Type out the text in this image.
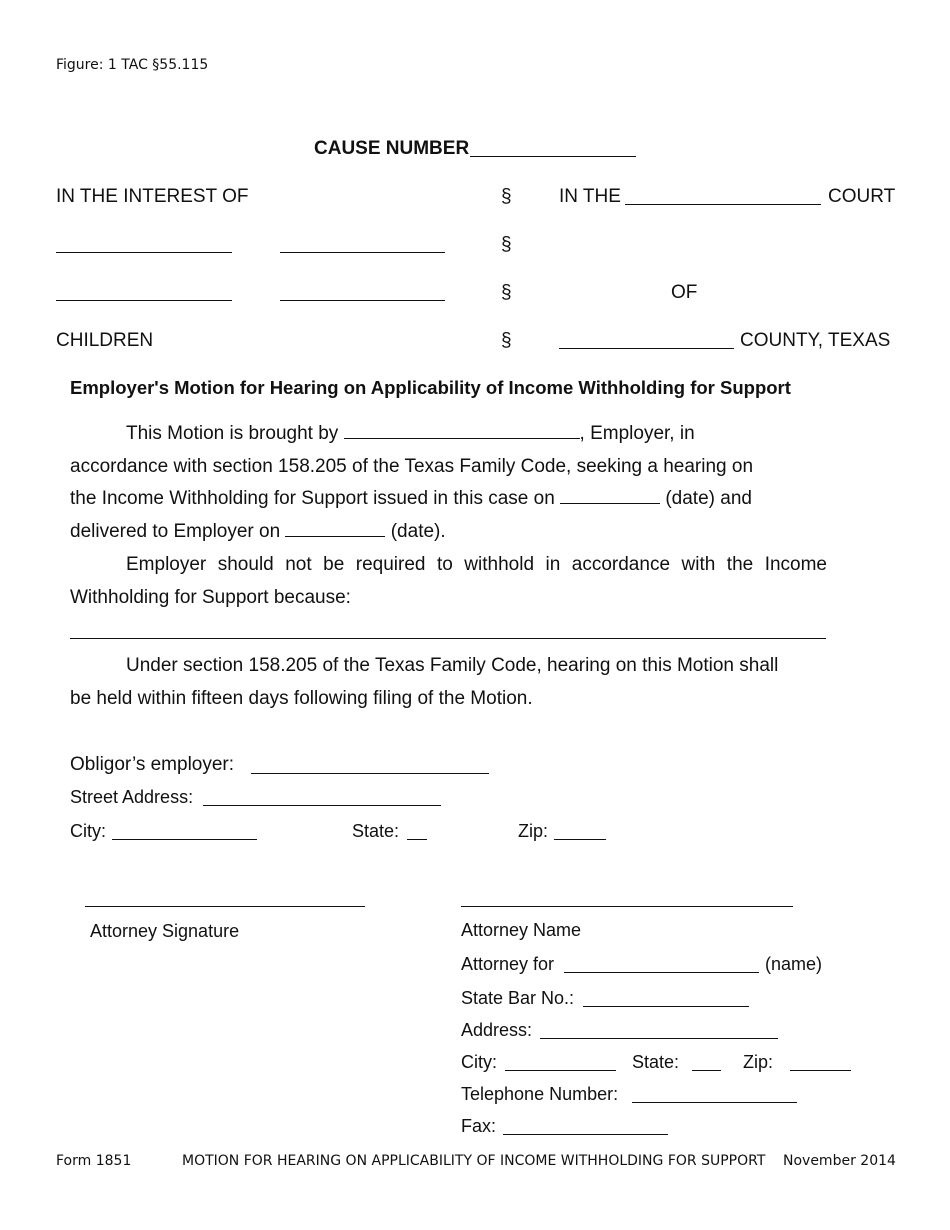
Figure: 1 TAC §55.115
CAUSE NUMBER
IN THE INTEREST OF	§ IN THE	COURT
§
§	OF
CHILDREN	§	COUNTY, TEXAS
Employer's Motion for Hearing on Applicability of Income Withholding for Support
This Motion is brought by	, Employer, in
accordance with section 158.205 of the Texas Family Code, seeking a hearing on
the Income Withholding for Support issued in this case on	(date) and
delivered to Employer on	(date).
Employer should not be required to withhold in accordance with the Income
Withholding for Support because:
Under section 158.205 of the Texas Family Code, hearing on this Motion shall
be held within fifteen days following filing of the Motion.
Obligor’s employer:
Street Address:
City:	State:	Zip:
Attorney Signature	Attorney Name
Attorney for	(name)
State Bar No.:
Address:
City:	State:	Zip:
Telephone Number:
Fax:
Form 1851	MOTION FOR HEARING ON APPLICABILITY OF INCOME WITHHOLDING FOR SUPPORT November 2014
